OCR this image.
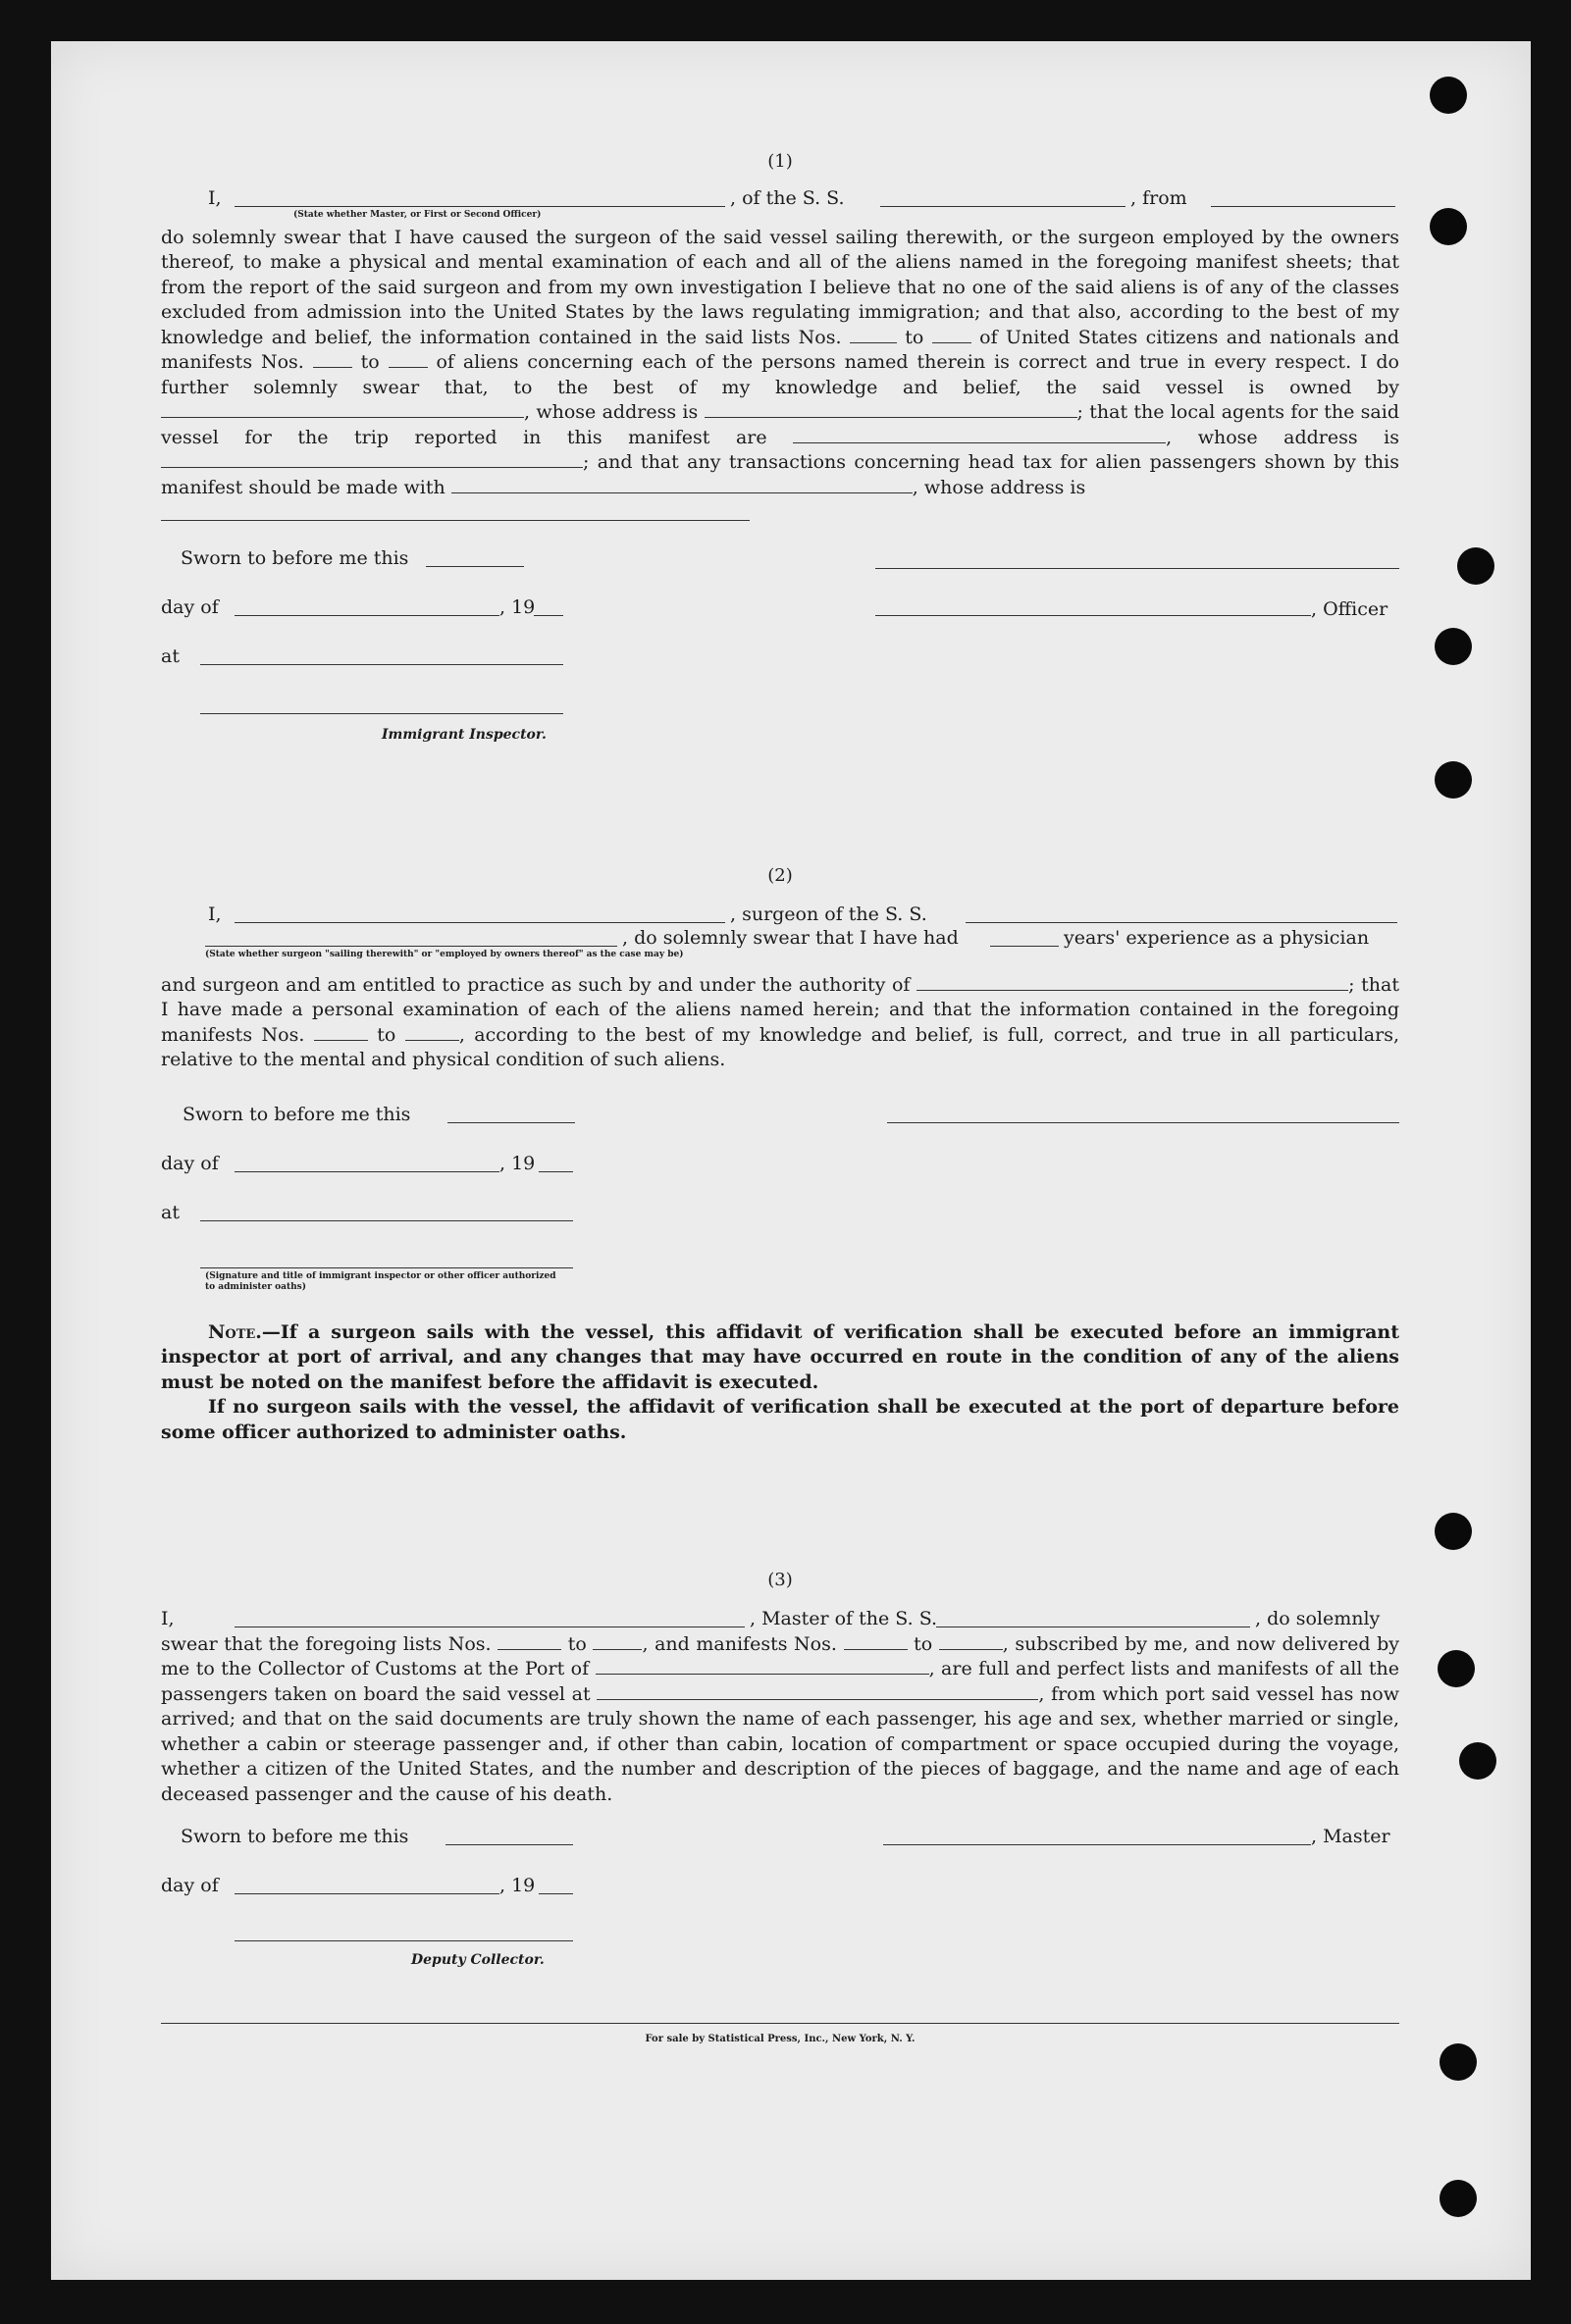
(1)

I,	, of the S. S.	, from
(State whether Master, or First or Second Officer)

do solemnly swear that I have caused the surgeon of the said vessel sailing therewith, or the surgeon employed by the owners thereof, to make a physical and mental examination of each and all of the aliens named in the foregoing manifest sheets; that from the report of the said surgeon and from my own investigation I believe that no one of the said aliens is of any of the classes excluded from admission into the United States by the laws regulating immigration; and that also, according to the best of my knowledge and belief, the information contained in the said lists Nos.	to	of United States citizens and nationals and manifests Nos.	to	of aliens concerning each of the persons named therein is correct and true in every respect. I do further solemnly swear that, to the best of my knowledge and belief, the said vessel is owned by , whose address is	; that the local agents for the said vessel for the trip reported in this manifest are	, whose address is ; and that any transactions concerning head tax for alien passengers shown by this manifest should be made with	, whose address is

Sworn to before me this
day of	, 19	, Officer
at
Immigrant Inspector.

(2)

I,	, surgeon of the S. S.
, do solemnly swear that I have had	years' experience as a physician
(State whether surgeon "sailing therewith" or "employed by owners thereof" as the case may be)

and surgeon and am entitled to practice as such by and under the authority of	; that I have made a personal examination of each of the aliens named herein; and that the information contained in the foregoing manifests Nos.	to	, according to the best of my knowledge and belief, is full, correct, and true in all particulars, relative to the mental and physical condition of such aliens.

Sworn to before me this
day of	, 19
at
(Signature and title of immigrant inspector or other officer authorized to administer oaths)

Note.—If a surgeon sails with the vessel, this affidavit of verification shall be executed before an immigrant inspector at port of arrival, and any changes that may have occurred en route in the condition of any of the aliens must be noted on the manifest before the affidavit is executed.

If no surgeon sails with the vessel, the affidavit of verification shall be executed at the port of departure before some officer authorized to administer oaths.

(3)

I,	, Master of the S. S.	, do solemnly

swear that the foregoing lists Nos.	to	, and manifests Nos.	to	, subscribed by me, and now delivered by me to the Collector of Customs at the Port of	, are full and perfect lists and manifests of all the passengers taken on board the said vessel at	, from which port said vessel has now arrived; and that on the said documents are truly shown the name of each passenger, his age and sex, whether married or single, whether a cabin or steerage passenger and, if other than cabin, location of compartment or space occupied during the voyage, whether a citizen of the United States, and the number and description of the pieces of baggage, and the name and age of each deceased passenger and the cause of his death.

Sworn to before me this	, Master
day of	, 19
Deputy Collector.
For sale by Statistical Press, Inc., New York, N. Y.
